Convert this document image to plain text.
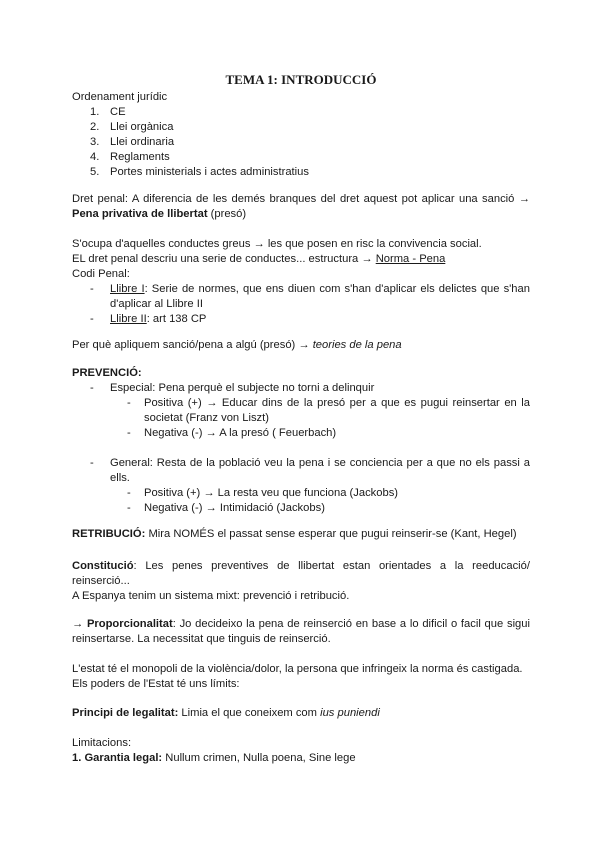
TEMA 1: INTRODUCCIÓ

Ordenament jurídic

1. CE
2. Llei orgànica
3. Llei ordinaria
4. Reglaments
5. Portes ministerials i actes administratius

Dret penal: A diferencia de les demés branques del dret aquest pot aplicar una sanció → Pena privativa de llibertat (presó)

S'ocupa d'aquelles conductes greus → les que posen en risc la convivencia social.

EL dret penal descriu una serie de conductes... estructura → Norma - Pena

Codi Penal:

- Llibre I: Serie de normes, que ens diuen com s'han d'aplicar els delictes que s'han d'aplicar al Llibre II
- Llibre II: art 138 CP

Per què apliquem sanció/pena a algú (presó) → teories de la pena

PREVENCIÓ:

- Especial: Pena perquè el subjecte no torni a delinquir
- Positiva (+) → Educar dins de la presó per a que es pugui reinsertar en la societat (Franz von Liszt)
- Negativa (-) → A la presó ( Feuerbach)
- General: Resta de la població veu la pena i se conciencia per a que no els passi a ells.
- Positiva (+) → La resta veu que funciona (Jackobs)
- Negativa (-) → Intimidació (Jackobs)

RETRIBUCIÓ: Mira NOMÉS el passat sense esperar que pugui reinserir-se (Kant, Hegel)

Constitució: Les penes preventives de llibertat estan orientades a la reeducació/ reinserció...

A Espanya tenim un sistema mixt: prevenció i retribució.

→ Proporcionalitat: Jo decideixo la pena de reinserció en base a lo dificil o facil que sigui reinsertarse. La necessitat que tinguis de reinserció.

L'estat té el monopoli de la violència/dolor, la persona que infringeix la norma és castigada. Els poders de l'Estat té uns límits:

Principi de legalitat: Limia el que coneixem com ius puniendi

Limitacions:

1. Garantia legal: Nullum crimen, Nulla poena, Sine lege
